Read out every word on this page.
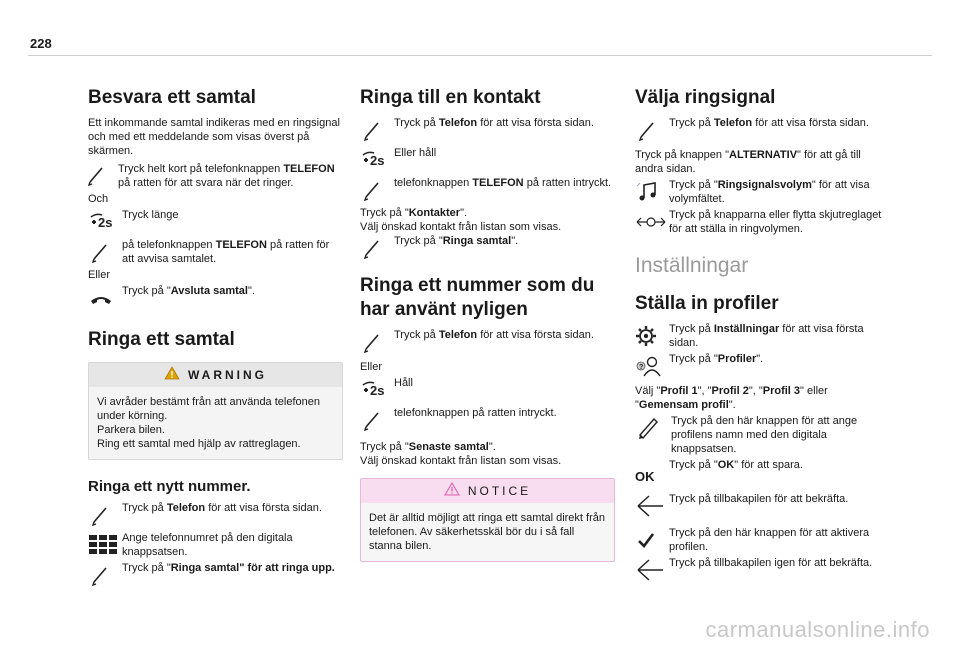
228
Besvara ett samtal

Ett inkommande samtal indikeras med en ringsignal och med ett meddelande som visas överst på skärmen.

Tryck helt kort på telefonknappen TELEFON på ratten för att svara när det ringer.

Och

2s Tryck länge
på telefonknappen TELEFON på ratten för att avvisa samtalet.

Eller

Tryck på "Avsluta samtal".
Ringa ett samtal
WARNING
Vi avråder bestämt från att använda telefonen under körning.
Parkera bilen.
Ring ett samtal med hjälp av rattreglagen.
Ringa ett nytt nummer.
Tryck på Telefon för att visa första sidan.
Ange telefonnumret på den digitala knappsatsen.
Tryck på "Ringa samtal" för att ringa upp.
Ringa till en kontakt
Tryck på Telefon för att visa första sidan.
2s Eller håll
telefonknappen TELEFON på ratten intryckt.

Tryck på "Kontakter".

Välj önskad kontakt från listan som visas.

Tryck på "Ringa samtal".
Ringa ett nummer som du har använt nyligen
Tryck på Telefon för att visa första sidan.

Eller

2s Håll
telefonknappen på ratten intryckt.

Tryck på "Senaste samtal".

Välj önskad kontakt från listan som visas.

NOTICE
Det är alltid möjligt att ringa ett samtal direkt från telefonen. Av säkerhetsskäl bör du i så fall stanna bilen.
Välja ringsignal
Tryck på Telefon för att visa första sidan.

Tryck på knappen "ALTERNATIV" för att gå till andra sidan.

Tryck på "Ringsignalsvolym" för att visa volymfältet.
Tryck på knapparna eller flytta skjutreglaget för att ställa in ringvolymen.
Inställningar
Ställa in profiler
Tryck på Inställningar för att visa första sidan.
?
Tryck på "Profiler".

Välj "Profil 1", "Profil 2", "Profil 3" eller "Gemensam profil".

Tryck på den här knappen för att ange profilens namn med den digitala knappsatsen.
OK
Tryck på "OK" för att spara.
Tryck på tillbakapilen för att bekräfta.
Tryck på den här knappen för att aktivera profilen.
Tryck på tillbakapilen igen för att bekräfta.
carmanualsonline.info
